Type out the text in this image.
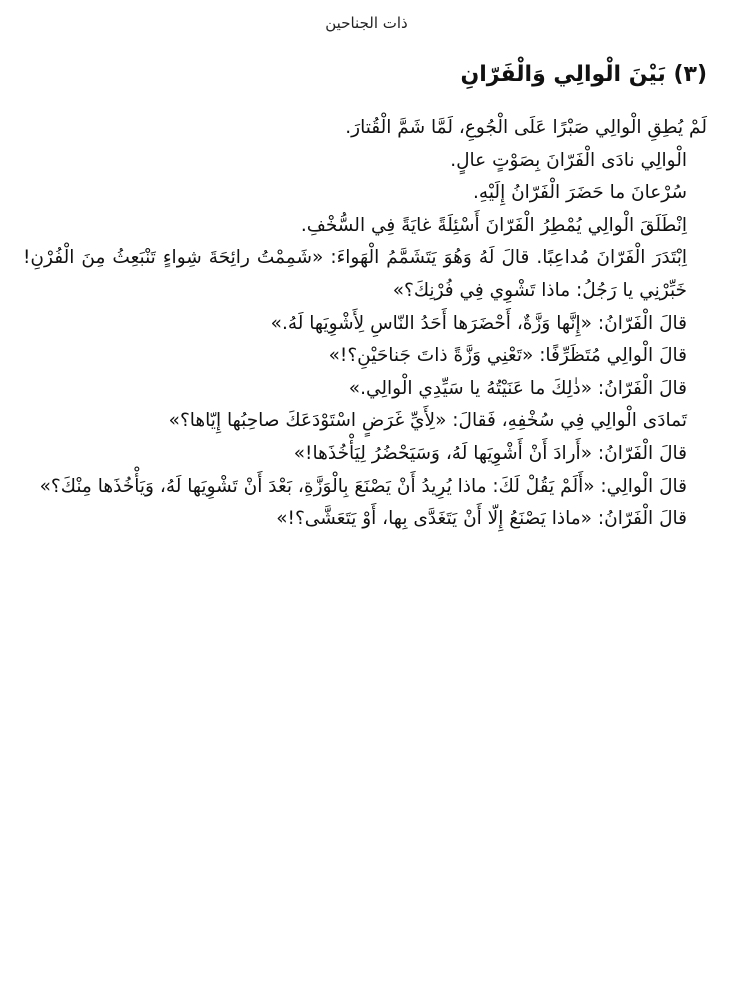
ذات الجناحين
(٣) بَيْنَ الْوالِي وَالْفَرّانِ

لَمْ يُطِقِ الْوالِي صَبْرًا عَلَى الْجُوعِ، لَمَّا شَمَّ الْقُتارَ.

الْوالِي نادَى الْفَرّانَ بِصَوْتٍ عالٍ.

سُرْعانَ ما حَضَرَ الْفَرّانُ إِلَيْهِ.

اِنْطَلَقَ الْوالِي يُمْطِرُ الْفَرّانَ أَسْئِلَةً غايَةً فِي السُّخْفِ.

اِبْتَدَرَ الْفَرّانَ مُداعِبًا. قالَ لَهُ وَهُوَ يَتَشَمَّمُ الْهَواءَ: «شَمِمْتُ رائِحَةَ شِواءٍ تَنْبَعِثُ مِنَ الْفُرْنِ! خَبِّرْنِي يا رَجُلُ: ماذا تَشْوِي فِي فُرْنِكَ؟»

قالَ الْفَرّانُ: «إِنَّها وَزَّةٌ، أَحْضَرَها أَحَدُ النّاسِ لِأَشْوِيَها لَهُ.»

قالَ الْوالِي مُتَظَرِّفًا: «تَعْنِي وَزَّةً ذاتَ جَناحَيْنِ؟!»

قالَ الْفَرّانُ: «ذٰلِكَ ما عَنَيْتُهُ يا سَيِّدِي الْوالِي.»

تَمادَى الْوالِي فِي سُخْفِهِ، فَقالَ: «لِأَيِّ غَرَضٍ اسْتَوْدَعَكَ صاحِبُها إِيّاها؟»

قالَ الْفَرّانُ: «أَرادَ أَنْ أَشْوِيَها لَهُ، وَسَيَحْضُرُ لِيَأْخُذَها!»

قالَ الْوالِي: «أَلَمْ يَقُلْ لَكَ: ماذا يُرِيدُ أَنْ يَصْنَعَ بِالْوَزَّةِ، بَعْدَ أَنْ تَشْوِيَها لَهُ، وَيَأْخُذَها مِنْكَ؟»

قالَ الْفَرّانُ: «ماذا يَصْنَعُ إِلّا أَنْ يَتَغَدَّى بِها، أَوْ يَتَعَشَّى؟!»
